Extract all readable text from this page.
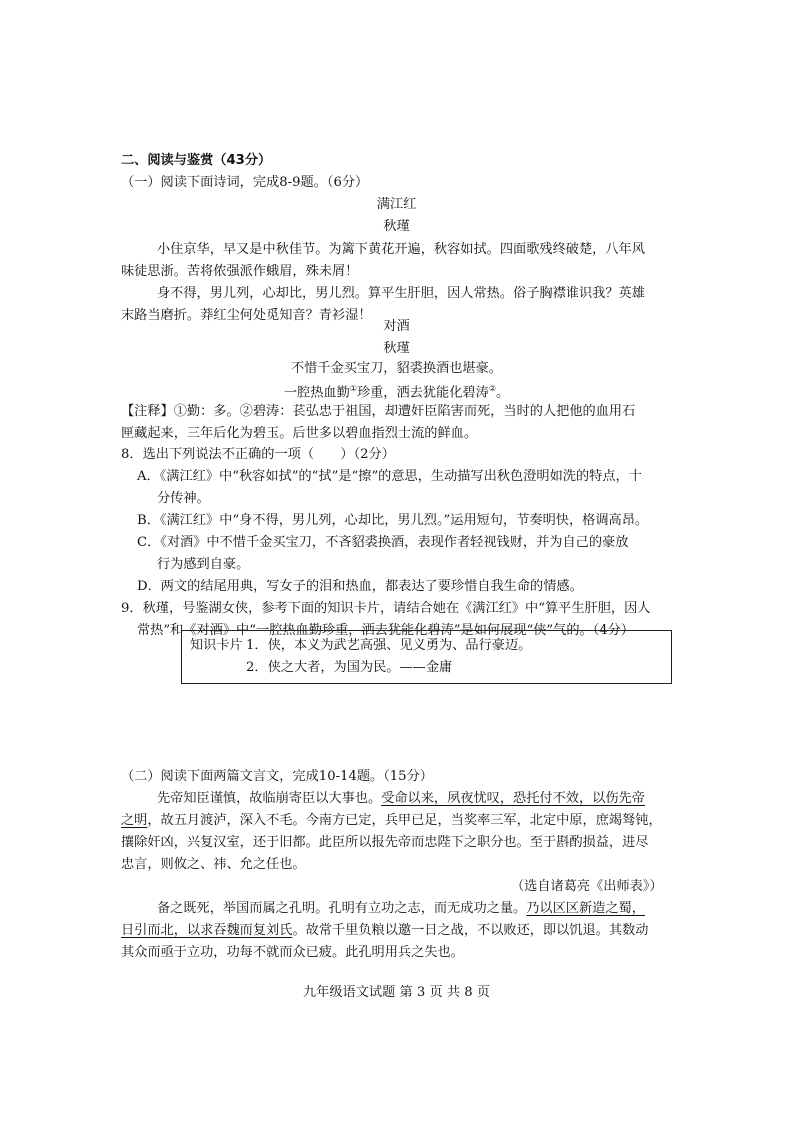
二、阅读与鉴赏（43分）
（一）阅读下面诗词，完成8-9题。（6分）
满江红
秋瑾
小住京华，早又是中秋佳节。为篱下黄花开遍，秋容如拭。四面歌残终破楚，八年风
味徒思浙。苦将侬强派作蛾眉，殊未屑！
身不得，男儿列，心却比，男儿烈。算平生肝胆，因人常热。俗子胸襟谁识我？英雄
末路当磨折。莽红尘何处觅知音？青衫湿！
对酒
秋瑾
不惜千金买宝刀，貂裘换酒也堪豪。
一腔热血勤①珍重，洒去犹能化碧涛②。
【注释】①勤：多。②碧涛：苌弘忠于祖国，却遭奸臣陷害而死，当时的人把他的血用石
匣藏起来，三年后化为碧玉。后世多以碧血指烈士流的鲜血。
8．选出下列说法不正确的一项（　　）（2分）
A．《满江红》中“秋容如拭”的“拭”是“擦”的意思，生动描写出秋色澄明如洗的特点，十
分传神。
B．《满江红》中“身不得，男儿列，心却比，男儿烈。”运用短句，节奏明快，格调高昂。
C．《对酒》中不惜千金买宝刀，不吝貂裘换酒，表现作者轻视钱财，并为自己的豪放
行为感到自豪。
D．两文的结尾用典，写女子的泪和热血，都表达了要珍惜自我生命的情感。
9．秋瑾，号鉴湖女侠，参考下面的知识卡片，请结合她在《满江红》中“算平生肝胆，因人
常热”和《对酒》中“一腔热血勤珍重，洒去犹能化碧涛”是如何展现“侠”气的。（4分）
知识卡片 1．侠，本义为武艺高强、见义勇为、品行豪迈。
2．侠之大者，为国为民。——金庸
（二）阅读下面两篇文言文，完成10-14题。（15分）
先帝知臣谨慎，故临崩寄臣以大事也。受命以来，夙夜忧叹，恐托付不效，以伤先帝
之明，故五月渡泸，深入不毛。今南方已定，兵甲已足，当奖率三军，北定中原，庶竭驽钝，
攘除奸凶，兴复汉室，还于旧都。此臣所以报先帝而忠陛下之职分也。至于斟酌损益，进尽
忠言，则攸之、祎、允之任也。
（选自诸葛亮《出师表》）
备之既死，举国而属之孔明。孔明有立功之志，而无成功之量。乃以区区新造之蜀，
日引而北，以求吞魏而复刘氏。故常千里负粮以邀一日之战，不以败还，即以饥退。其数动
其众而亟于立功，功每不就而众已疲。此孔明用兵之失也。
九年级语文试题 第 3 页 共 8 页
